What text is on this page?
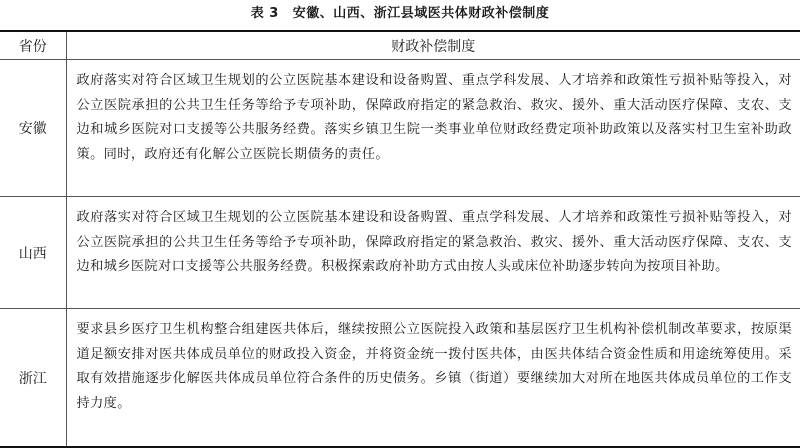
表 3 安徽、山西、浙江县域医共体财政补偿制度
省份	财政补偿制度
安徽	政府落实对符合区域卫生规划的公立医院基本建设和设备购置、重点学科发展、人才培养和政策性亏损补贴等投入，对公立医院承担的公共卫生任务等给予专项补助，保障政府指定的紧急救治、救灾、援外、重大活动医疗保障、支农、支边和城乡医院对口支援等公共服务经费。落实乡镇卫生院一类事业单位财政经费定项补助政策以及落实村卫生室补助政策。同时，政府还有化解公立医院长期债务的责任。
山西	政府落实对符合区域卫生规划的公立医院基本建设和设备购置、重点学科发展、人才培养和政策性亏损补贴等投入，对公立医院承担的公共卫生任务等给予专项补助，保障政府指定的紧急救治、救灾、援外、重大活动医疗保障、支农、支边和城乡医院对口支援等公共服务经费。积极探索政府补助方式由按人头或床位补助逐步转向为按项目补助。
浙江	要求县乡医疗卫生机构整合组建医共体后，继续按照公立医院投入政策和基层医疗卫生机构补偿机制改革要求，按原渠道足额安排对医共体成员单位的财政投入资金，并将资金统一拨付医共体，由医共体结合资金性质和用途统筹使用。采取有效措施逐步化解医共体成员单位符合条件的历史债务。乡镇（街道）要继续加大对所在地医共体成员单位的工作支持力度。
